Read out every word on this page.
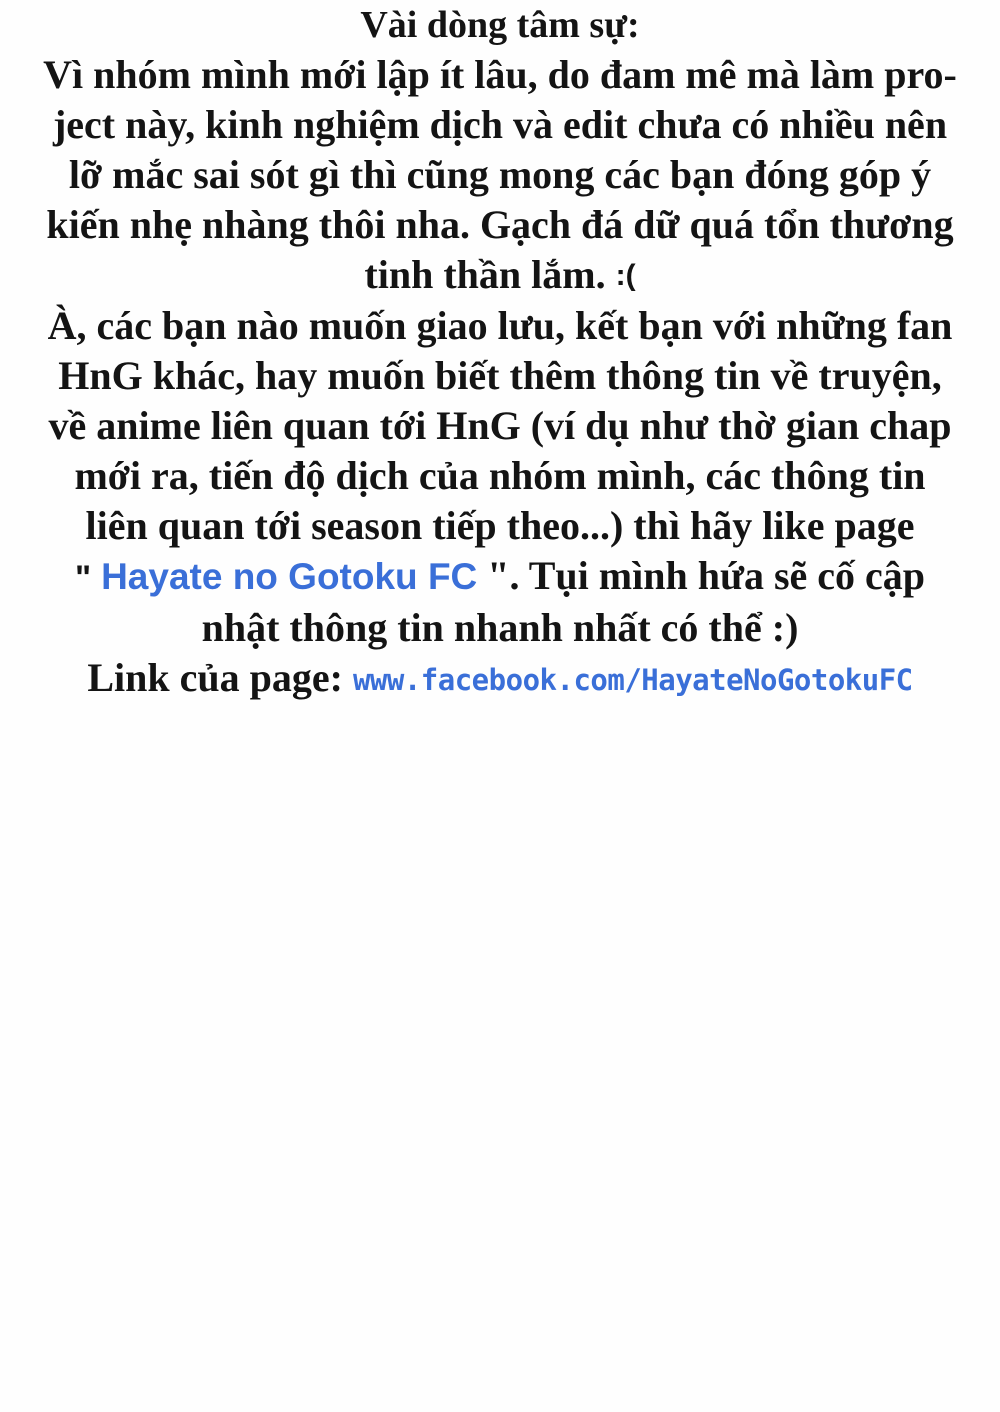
Vài dòng tâm sự:
Vì nhóm mình mới lập ít lâu, do đam mê mà làm pro-
ject này, kinh nghiệm dịch và edit chưa có nhiều nên
lỡ mắc sai sót gì thì cũng mong các bạn đóng góp ý
kiến nhẹ nhàng thôi nha. Gạch đá dữ quá tổn thương
tinh thần lắm. :(
À, các bạn nào muốn giao lưu, kết bạn với những fan
HnG khác, hay muốn biết thêm thông tin về truyện,
về anime liên quan tới HnG (ví dụ như thờ gian chap
mới ra, tiến độ dịch của nhóm mình, các thông tin
liên quan tới season tiếp theo...) thì hãy like page
" Hayate no Gotoku FC ". Tụi mình hứa sẽ cố cập
nhật thông tin nhanh nhất có thể :)
Link của page: www.facebook.com/HayateNoGotokuFC
